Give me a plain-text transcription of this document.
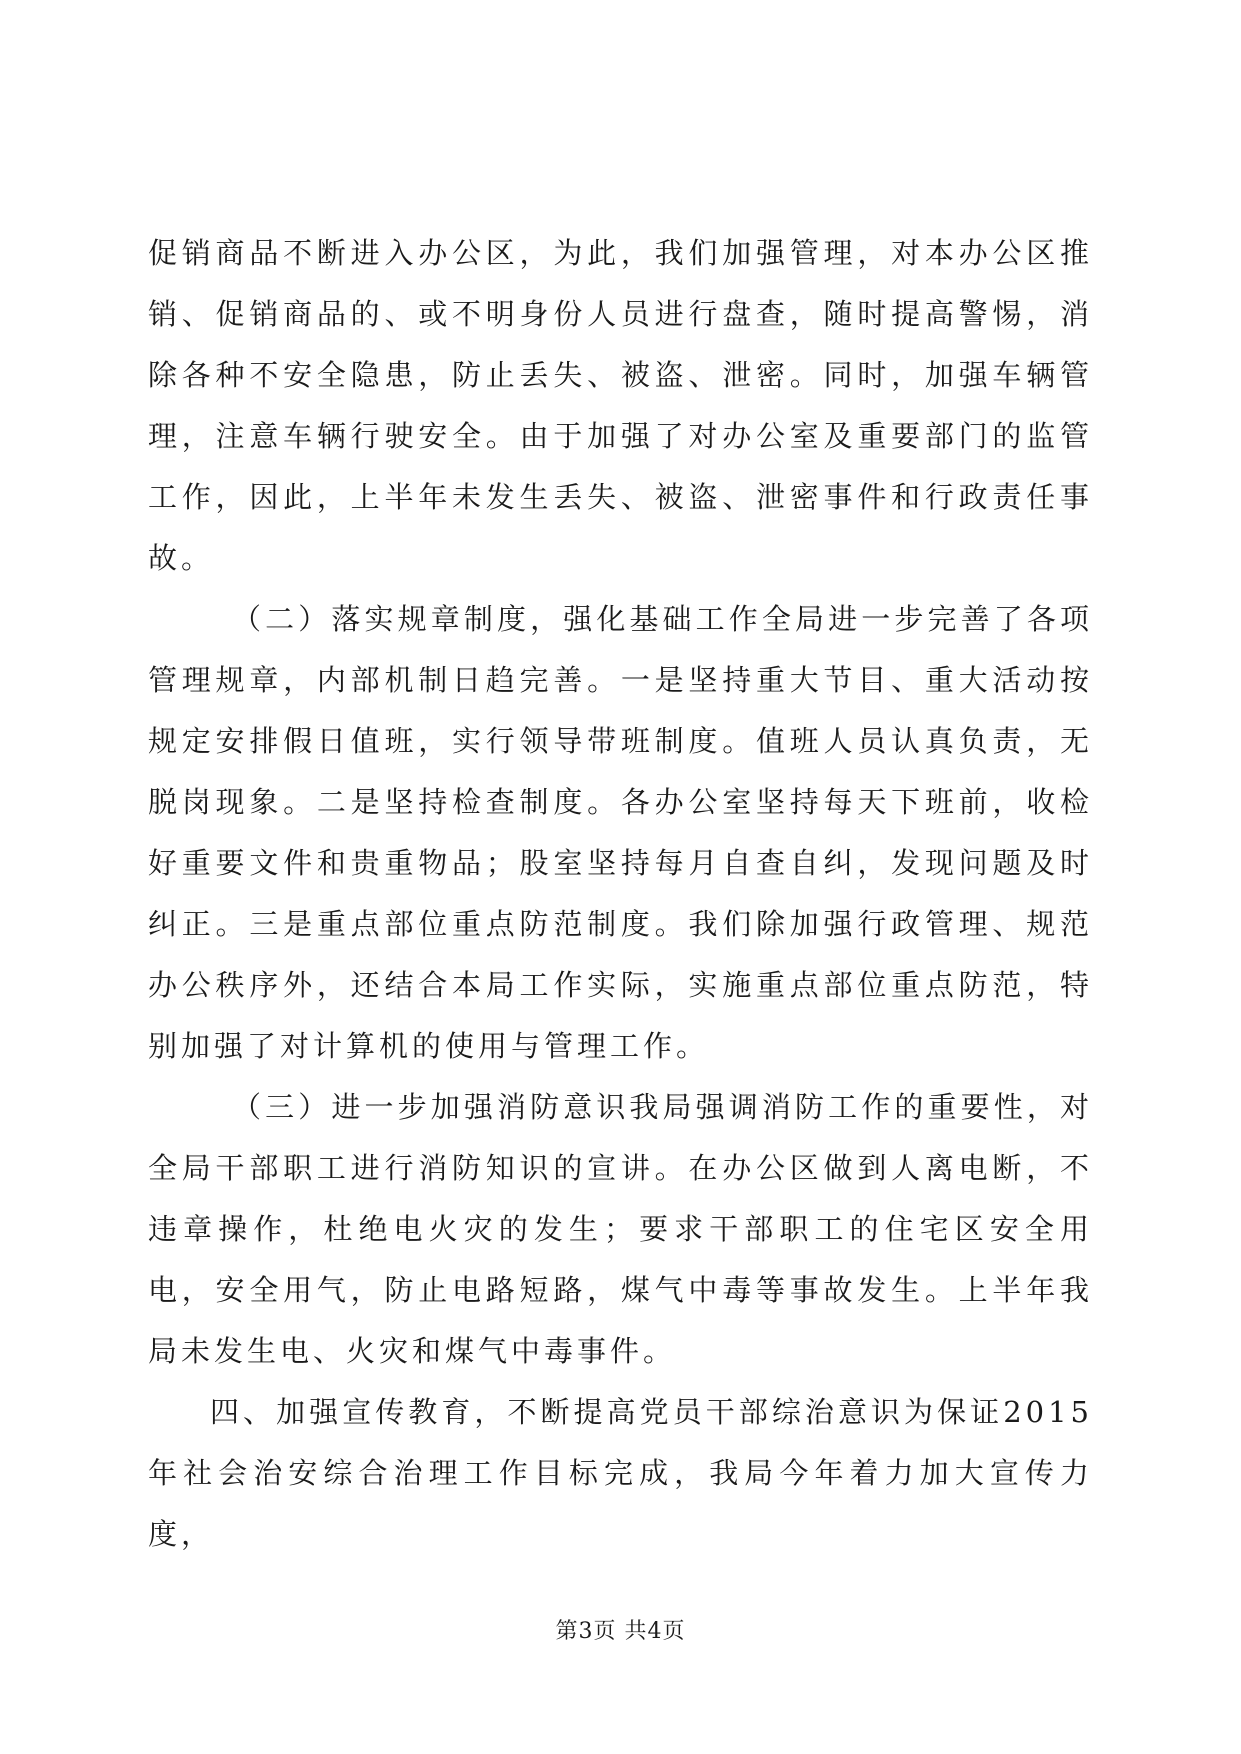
促销商品不断进入办公区，为此，我们加强管理，对本办公区推销、促销商品的、或不明身份人员进行盘查，随时提高警惕，消除各种不安全隐患，防止丢失、被盗、泄密。同时，加强车辆管理，注意车辆行驶安全。由于加强了对办公室及重要部门的监管工作，因此，上半年未发生丢失、被盗、泄密事件和行政责任事故。

（二）落实规章制度，强化基础工作全局进一步完善了各项管理规章，内部机制日趋完善。一是坚持重大节目、重大活动按规定安排假日值班，实行领导带班制度。值班人员认真负责，无脱岗现象。二是坚持检查制度。各办公室坚持每天下班前，收检好重要文件和贵重物品；股室坚持每月自查自纠，发现问题及时纠正。三是重点部位重点防范制度。我们除加强行政管理、规范办公秩序外，还结合本局工作实际，实施重点部位重点防范，特别加强了对计算机的使用与管理工作。

（三）进一步加强消防意识我局强调消防工作的重要性，对全局干部职工进行消防知识的宣讲。在办公区做到人离电断，不违章操作，杜绝电火灾的发生；要求干部职工的住宅区安全用电，安全用气，防止电路短路，煤气中毒等事故发生。上半年我局未发生电、火灾和煤气中毒事件。

四、加强宣传教育，不断提高党员干部综治意识为保证2015年社会治安综合治理工作目标完成，我局今年着力加大宣传力度，

第3页 共4页
